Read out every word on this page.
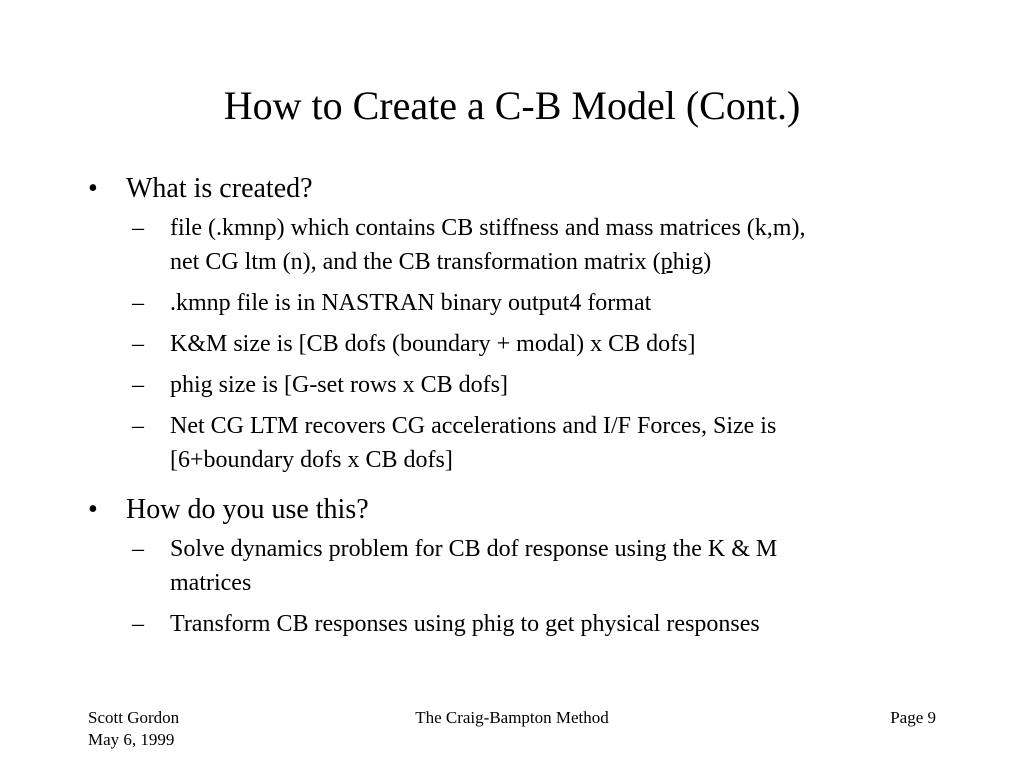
How to Create a C-B Model (Cont.)
• What is created?
– file (.kmnp) which contains CB stiffness and mass matrices (k,m),
net CG ltm (n), and the CB transformation matrix (phig)
– .kmnp file is in NASTRAN binary output4 format
– K&M size is [CB dofs (boundary + modal) x CB dofs]
– phig size is [G-set rows x CB dofs]
– Net CG LTM recovers CG accelerations and I/F Forces, Size is
[6+boundary dofs x CB dofs]
• How do you use this?
– Solve dynamics problem for CB dof response using the K & M
matrices
– Transform CB responses using phig to get physical responses
Scott Gordon
May 6, 1999
The Craig-Bampton Method	Page 9
